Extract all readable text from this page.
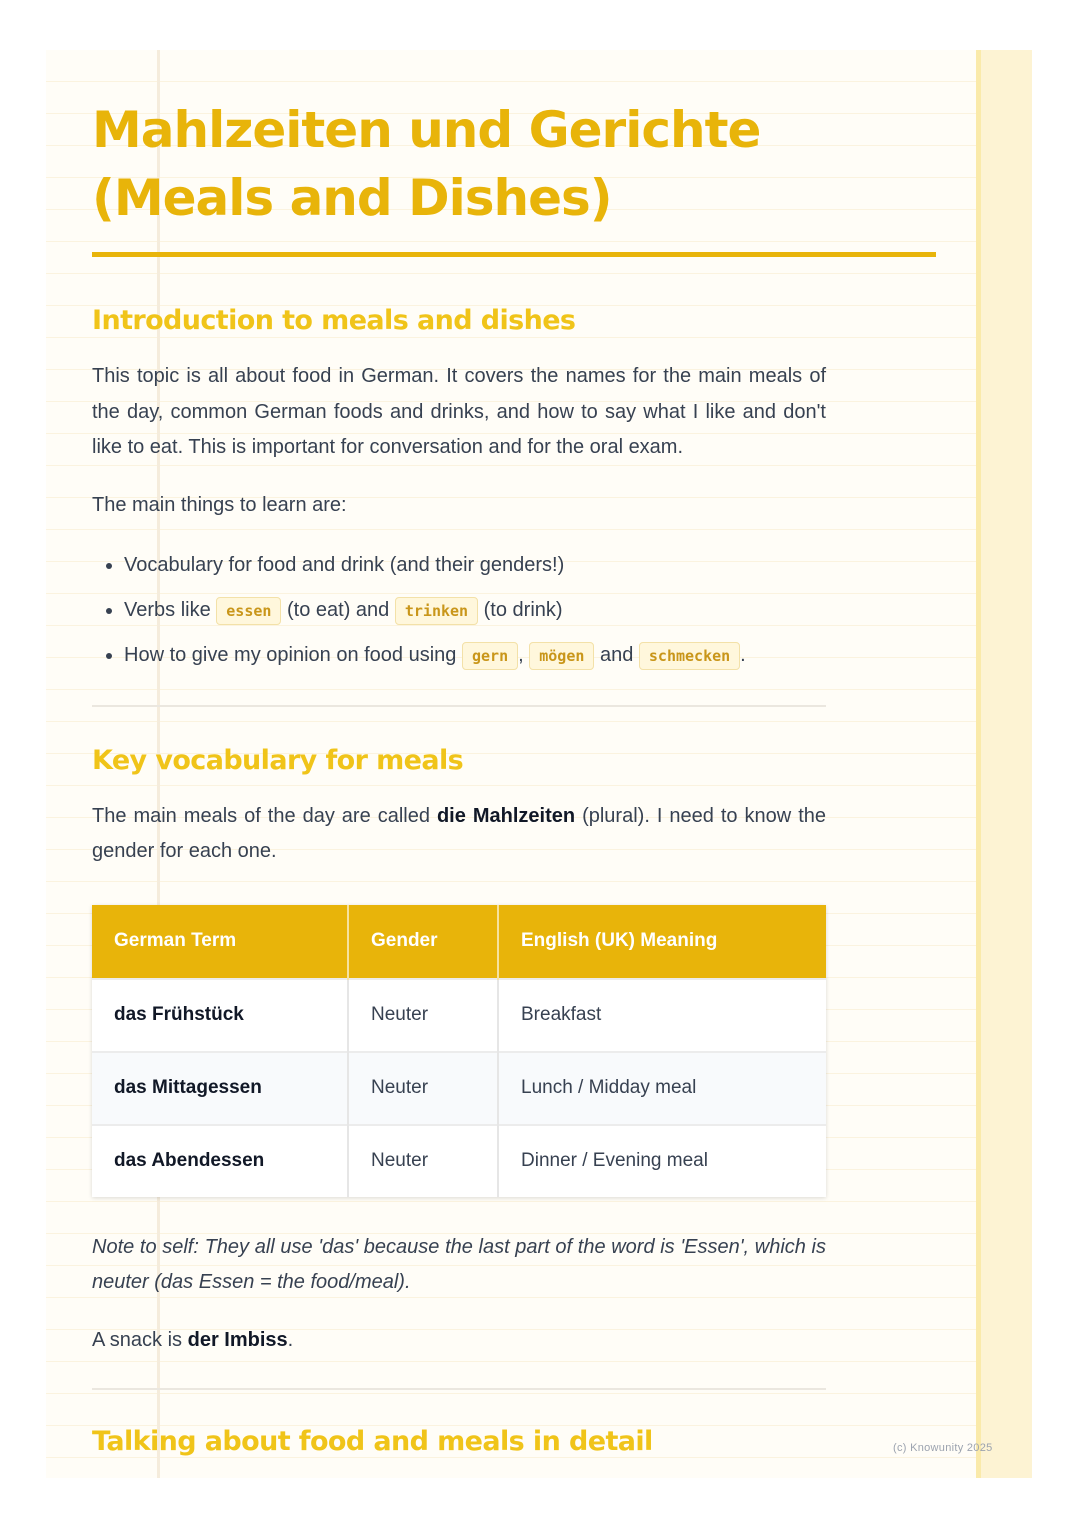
Mahlzeiten und Gerichte
(Meals and Dishes)
Introduction to meals and dishes

This topic is all about food in German. It covers the names for the main meals of the day, common German foods and drinks, and how to say what I like and don't like to eat. This is important for conversation and for the oral exam.

The main things to learn are:

• Vocabulary for food and drink (and their genders!)
• Verbs like essen (to eat) and trinken (to drink)
• How to give my opinion on food using gern , mögen and schmecken .
Key vocabulary for meals

The main meals of the day are called die Mahlzeiten (plural). I need to know the gender for each one.

German Term	Gender	English (UK) Meaning
das Frühstück	Neuter	Breakfast
das Mittagessen	Neuter	Lunch / Midday meal
das Abendessen	Neuter	Dinner / Evening meal

Note to self: They all use 'das' because the last part of the word is 'Essen', which is neuter (das Essen = the food/meal).

A snack is der Imbiss.

Talking about food and meals in detail	(c) Knowunity 2025
